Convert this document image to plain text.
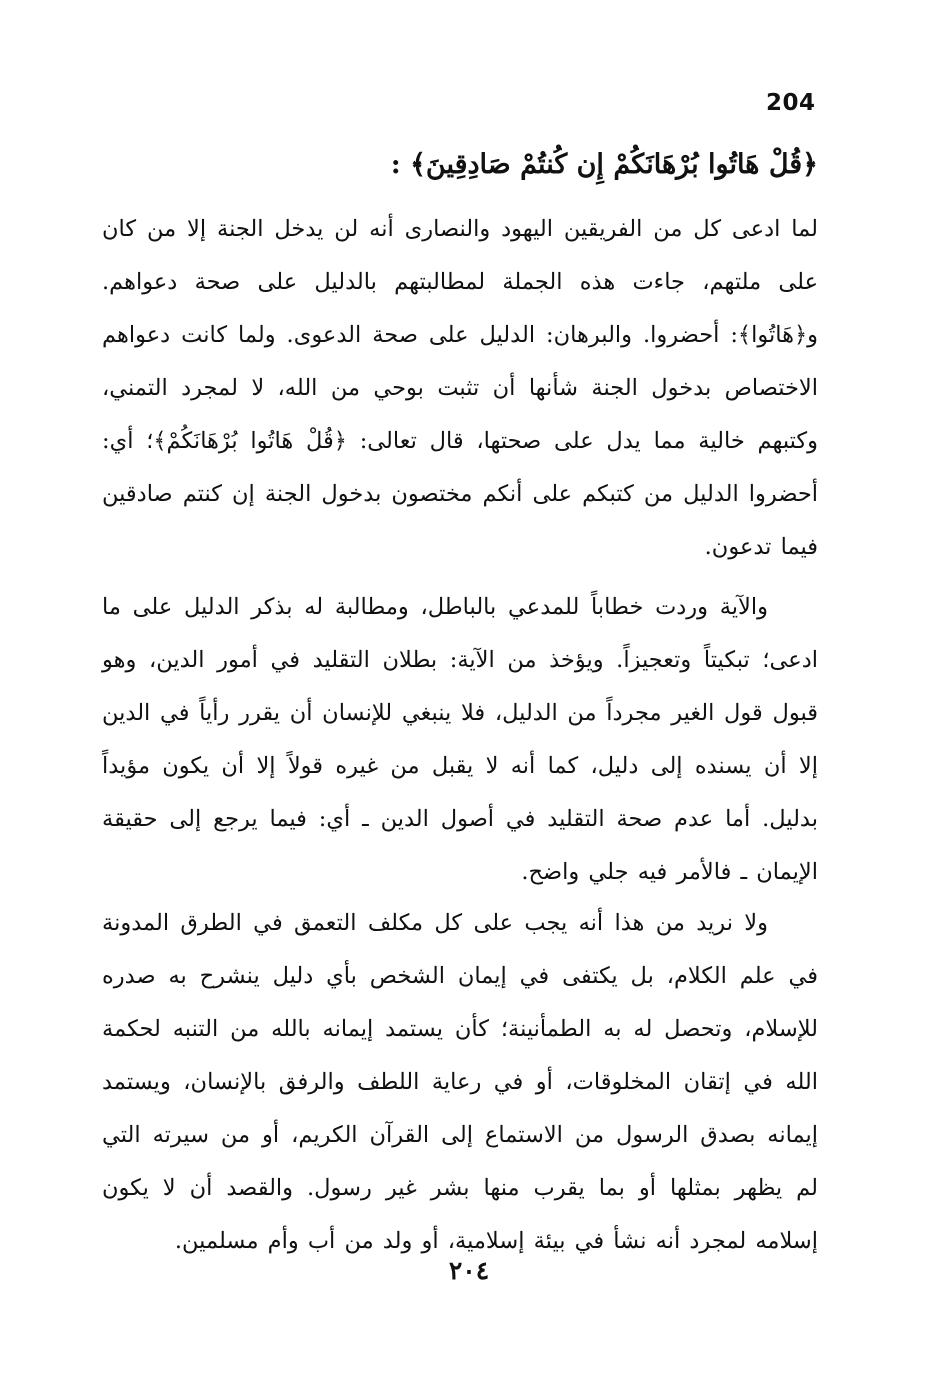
204
﴿قُلْ هَاتُوا بُرْهَانَكُمْ إِن كُنتُمْ صَادِقِينَ﴾ :

لما ادعى كل من الفريقين اليهود والنصارى أنه لن يدخل الجنة إلا من كان على ملتهم، جاءت هذه الجملة لمطالبتهم بالدليل على صحة دعواهم. و﴿هَاتُوا﴾: أحضروا. والبرهان: الدليل على صحة الدعوى. ولما كانت دعواهم الاختصاص بدخول الجنة شأنها أن تثبت بوحي من الله، لا لمجرد التمني، وكتبهم خالية مما يدل على صحتها، قال تعالى: ﴿قُلْ هَاتُوا بُرْهَانَكُمْ﴾؛ أي: أحضروا الدليل من كتبكم على أنكم مختصون بدخول الجنة إن كنتم صادقين فيما تدعون.

والآية وردت خطاباً للمدعي بالباطل، ومطالبة له بذكر الدليل على ما ادعى؛ تبكيتاً وتعجيزاً. ويؤخذ من الآية: بطلان التقليد في أمور الدين، وهو قبول قول الغير مجرداً من الدليل، فلا ينبغي للإنسان أن يقرر رأياً في الدين إلا أن يسنده إلى دليل، كما أنه لا يقبل من غيره قولاً إلا أن يكون مؤيداً بدليل. أما عدم صحة التقليد في أصول الدين ـ أي: فيما يرجع إلى حقيقة الإيمان ـ فالأمر فيه جلي واضح.

ولا نريد من هذا أنه يجب على كل مكلف التعمق في الطرق المدونة في علم الكلام، بل يكتفى في إيمان الشخص بأي دليل ينشرح به صدره للإسلام، وتحصل له به الطمأنينة؛ كأن يستمد إيمانه بالله من التنبه لحكمة الله في إتقان المخلوقات، أو في رعاية اللطف والرفق بالإنسان، ويستمد إيمانه بصدق الرسول من الاستماع إلى القرآن الكريم، أو من سيرته التي لم يظهر بمثلها أو بما يقرب منها بشر غير رسول. والقصد أن لا يكون إسلامه لمجرد أنه نشأ في بيئة إسلامية، أو ولد من أب وأم مسلمين.

٢٠٤
